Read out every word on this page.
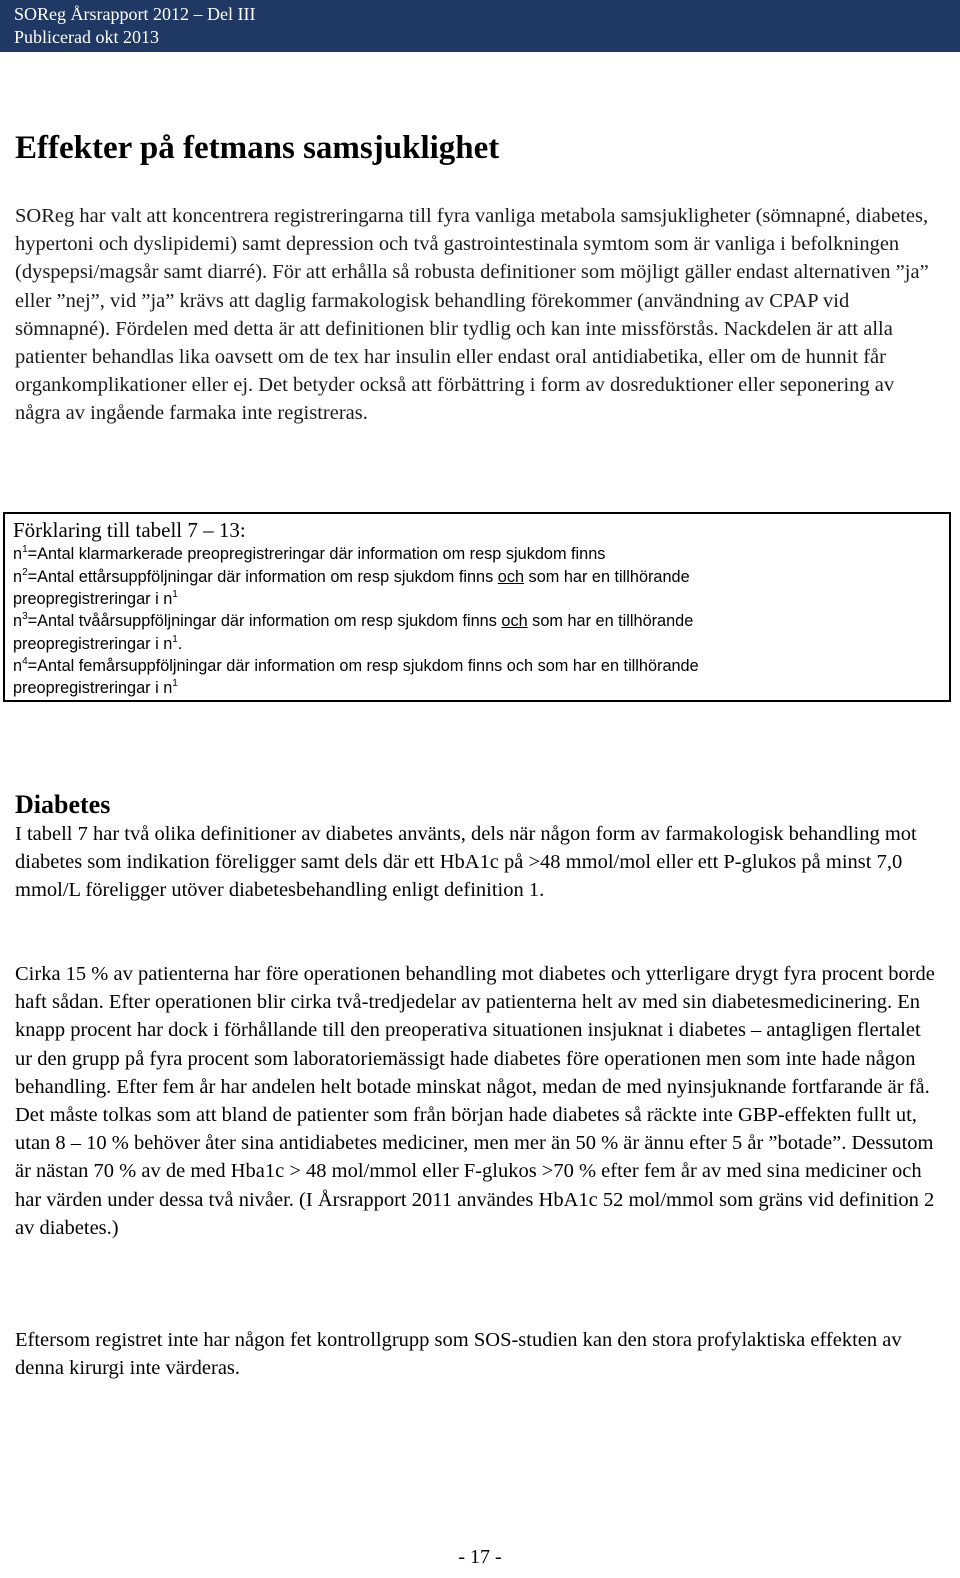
SOReg Årsrapport 2012 – Del III
Publicerad okt 2013
Effekter på fetmans samsjuklighet

SOReg har valt att koncentrera registreringarna till fyra vanliga metabola samsjukligheter (sömnapné, diabetes, hypertoni och dyslipidemi) samt depression och två gastrointestinala symtom som är vanliga i befolkningen (dyspepsi/magsår samt diarré). För att erhålla så robusta definitioner som möjligt gäller endast alternativen ”ja” eller ”nej”, vid ”ja” krävs att daglig farmakologisk behandling förekommer (användning av CPAP vid sömnapné). Fördelen med detta är att definitionen blir tydlig och kan inte missförstås. Nackdelen är att alla patienter behandlas lika oavsett om de tex har insulin eller endast oral antidiabetika, eller om de hunnit får organkomplikationer eller ej. Det betyder också att förbättring i form av dosreduktioner eller seponering av några av ingående farmaka inte registreras.

Förklaring till tabell 7 – 13:
$n^1=Antal$ klarmarkerade preopregistreringar där information om resp sjukdom finns
$n^2=Antal$ ettårsuppföljningar där information om resp sjukdom finns och som har en tillhörande
preopregistreringar i $n^1$
$n^3=Antal$ tvåårsuppföljningar där information om resp sjukdom finns och som har en tillhörande
preopregistreringar i $n^1$.
$n^4=Antal$ femårsuppföljningar där information om resp sjukdom finns och som har en tillhörande
preopregistreringar i $n^1$
Diabetes

I tabell 7 har två olika definitioner av diabetes använts, dels när någon form av farmakologisk behandling mot diabetes som indikation föreligger samt dels där ett HbA1c på >48 mmol/mol eller ett P-glukos på minst 7,0 mmol/L föreligger utöver diabetesbehandling enligt definition 1.

Cirka 15 % av patienterna har före operationen behandling mot diabetes och ytterligare drygt fyra procent borde haft sådan. Efter operationen blir cirka två-tredjedelar av patienterna helt av med sin diabetesmedicinering. En knapp procent har dock i förhållande till den preoperativa situationen insjuknat i diabetes – antagligen flertalet ur den grupp på fyra procent som laboratoriemässigt hade diabetes före operationen men som inte hade någon behandling. Efter fem år har andelen helt botade minskat något, medan de med nyinsjuknande fortfarande är få. Det måste tolkas som att bland de patienter som från början hade diabetes så räckte inte GBP-effekten fullt ut, utan 8 – 10 % behöver åter sina antidiabetes mediciner, men mer än 50 % är ännu efter 5 år ”botade”. Dessutom är nästan 70 % av de med Hba1c > 48 mol/mmol eller F-glukos >70 % efter fem år av med sina mediciner och har värden under dessa två nivåer. (I Årsrapport 2011 användes HbA1c 52 mol/mmol som gräns vid definition 2 av diabetes.)

Eftersom registret inte har någon fet kontrollgrupp som SOS-studien kan den stora profylaktiska effekten av denna kirurgi inte värderas.

- 17 -
